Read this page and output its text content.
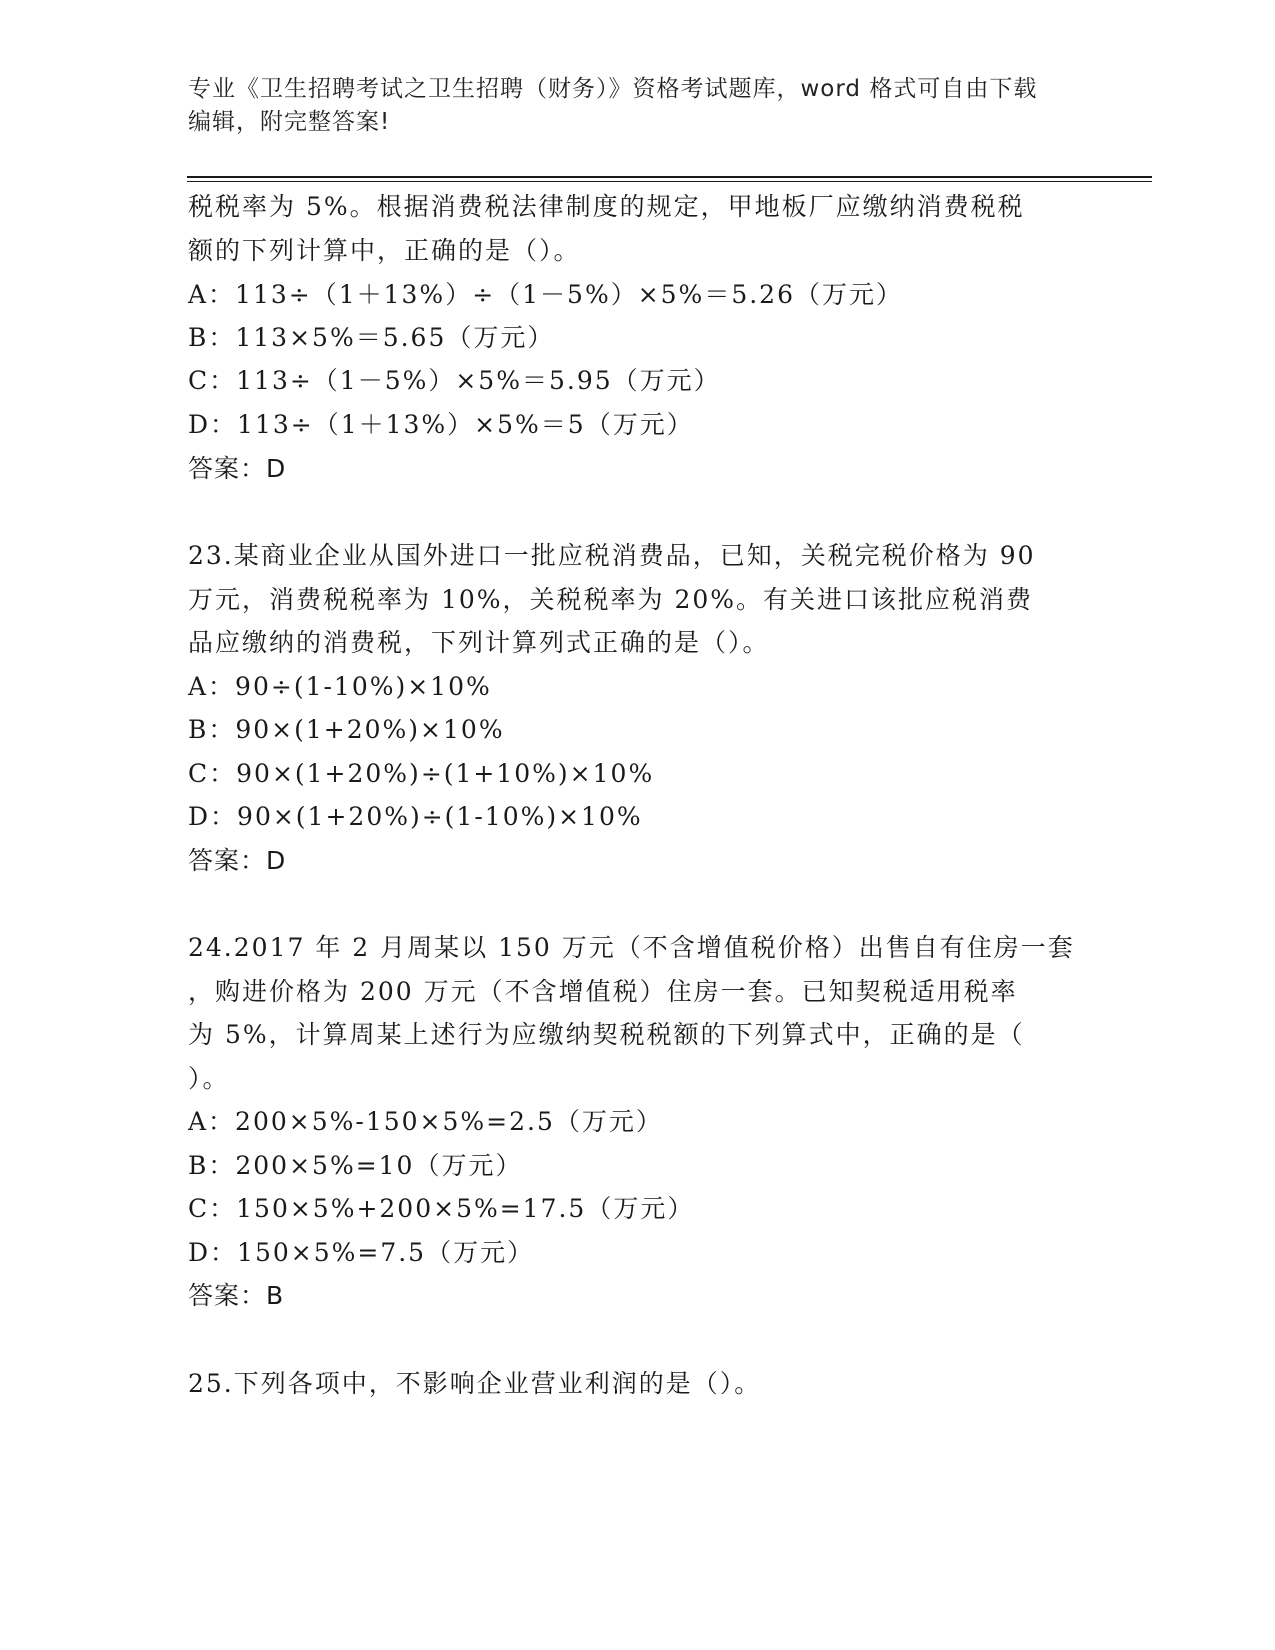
专业《卫生招聘考试之卫生招聘（财务）》资格考试题库，word 格式可自由下载
编辑，附完整答案!
税税率为 5%。根据消费税法律制度的规定，甲地板厂应缴纳消费税税
额的下列计算中，正确的是（）。
A：113÷（1＋13%）÷（1－5%）×5%＝5.26（万元）
B：113×5%＝5.65（万元）
C：113÷（1－5%）×5%＝5.95（万元）
D：113÷（1＋13%）×5%＝5（万元）
答案：D
23.某商业企业从国外进口一批应税消费品，已知，关税完税价格为 90
万元，消费税税率为 10%，关税税率为 20%。有关进口该批应税消费
品应缴纳的消费税，下列计算列式正确的是（）。
A：90÷(1-10%)×10%
B：90×(1+20%)×10%
C：90×(1+20%)÷(1+10%)×10%
D：90×(1+20%)÷(1-10%)×10%
答案：D
24.2017 年 2 月周某以 150 万元（不含增值税价格）出售自有住房一套
，购进价格为 200 万元（不含增值税）住房一套。已知契税适用税率
为 5%，计算周某上述行为应缴纳契税税额的下列算式中，正确的是（
）。
A：200×5%-150×5%=2.5（万元）
B：200×5%=10（万元）
C：150×5%+200×5%=17.5（万元）
D：150×5%=7.5（万元）
答案：B
25.下列各项中，不影响企业营业利润的是（）。
